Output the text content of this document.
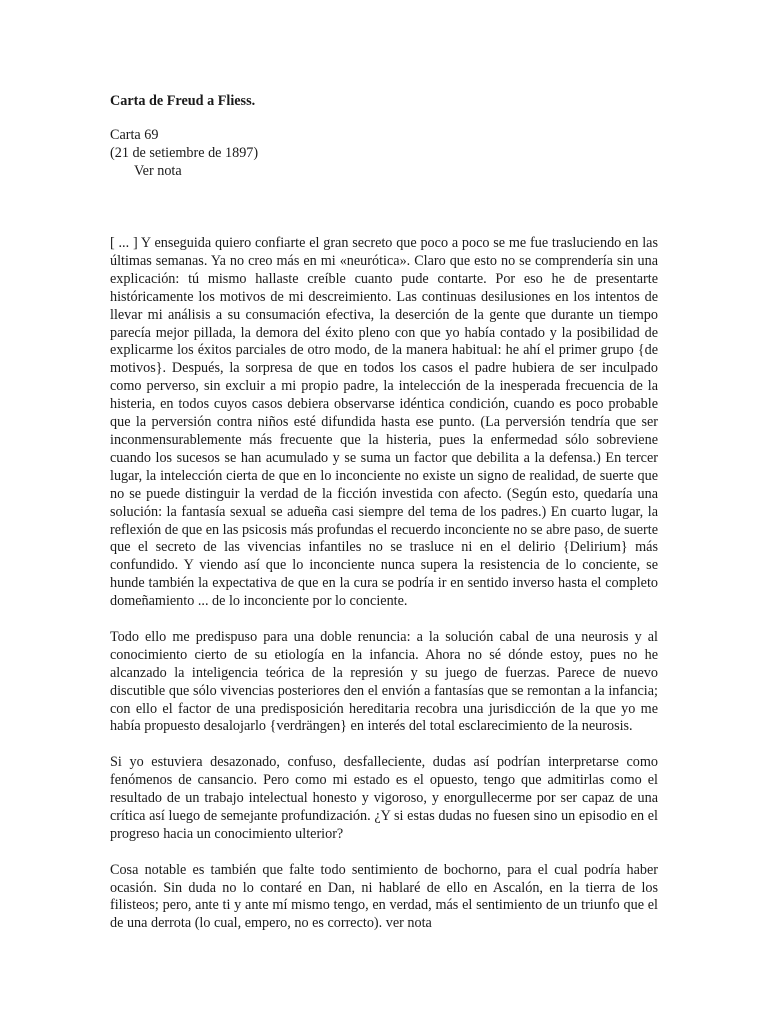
Carta de Freud a Fliess.
Carta 69
(21 de setiembre de 1897)
Ver nota

[ ... ] Y enseguida quiero confiarte el gran secreto que poco a poco se me fue trasluciendo en las últimas semanas. Ya no creo más en mi «neurótica». Claro que esto no se comprendería sin una explicación: tú mismo hallaste creíble cuanto pude contarte. Por eso he de presentarte históricamente los motivos de mi descreimiento. Las continuas desilusiones en los intentos de llevar mi análisis a su consumación efectiva, la deserción de la gente que durante un tiempo parecía mejor pillada, la demora del éxito pleno con que yo había contado y la posibilidad de explicarme los éxitos parciales de otro modo, de la manera habitual: he ahí el primer grupo {de motivos}. Después, la sorpresa de que en todos los casos el padre hubiera de ser inculpado como perverso, sin excluir a mi propio padre, la intelección de la inesperada frecuencia de la histeria, en todos cuyos casos debiera observarse idéntica condición, cuando es poco probable que la perversión contra niños esté difundida hasta ese punto. (La perversión tendría que ser inconmensurablemente más frecuente que la histeria, pues la enfermedad sólo sobreviene cuando los sucesos se han acumulado y se suma un factor que debilita a la defensa.) En tercer lugar, la intelección cierta de que en lo inconciente no existe un signo de realidad, de suerte que no se puede distinguir la verdad de la ficción investida con afecto. (Según esto, quedaría una solución: la fantasía sexual se adueña casi siempre del tema de los padres.) En cuarto lugar, la reflexión de que en las psicosis más profundas el recuerdo inconciente no se abre paso, de suerte que el secreto de las vivencias infantiles no se trasluce ni en el delirio {Delirium} más confundido. Y viendo así que lo inconciente nunca supera la resistencia de lo conciente, se hunde también la expectativa de que en la cura se podría ir en sentido inverso hasta el completo domeñamiento ... de lo inconciente por lo conciente.

Todo ello me predispuso para una doble renuncia: a la solución cabal de una neurosis y al conocimiento cierto de su etiología en la infancia. Ahora no sé dónde estoy, pues no he alcanzado la inteligencia teórica de la represión y su juego de fuerzas. Parece de nuevo discutible que sólo vivencias posteriores den el envión a fantasías que se remontan a la infancia; con ello el factor de una predisposición hereditaria recobra una jurisdicción de la que yo me había propuesto desalojarlo {verdrängen} en interés del total esclarecimiento de la neurosis.

Si yo estuviera desazonado, confuso, desfalleciente, dudas así podrían interpretarse como fenómenos de cansancio. Pero como mi estado es el opuesto, tengo que admitirlas como el resultado de un trabajo intelectual honesto y vigoroso, y enorgullecerme por ser capaz de una crítica así luego de semejante profundización. ¿Y si estas dudas no fuesen sino un episodio en el progreso hacia un conocimiento ulterior?

Cosa notable es también que falte todo sentimiento de bochorno, para el cual podría haber ocasión. Sin duda no lo contaré en Dan, ni hablaré de ello en Ascalón, en la tierra de los filisteos; pero, ante ti y ante mí mismo tengo, en verdad, más el sentimiento de un triunfo que el de una derrota (lo cual, empero, no es correcto). ver nota
